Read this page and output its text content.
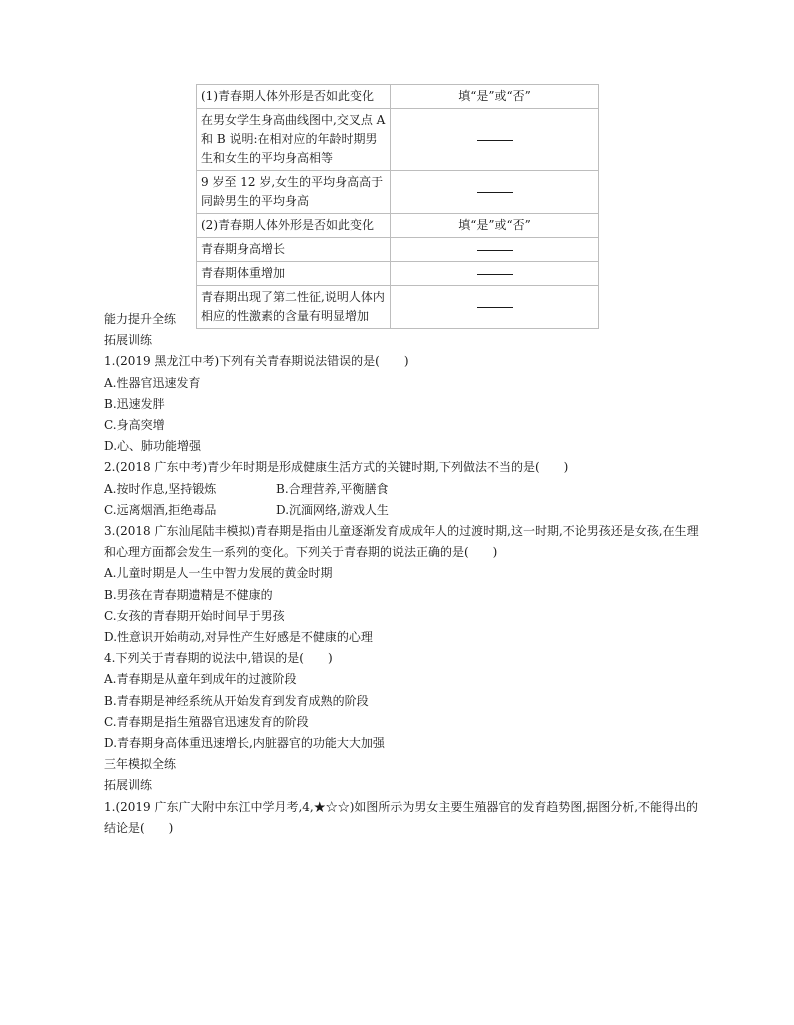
(1)青春期人体外形是否如此变化	填“是”或“否”
在男女学生身高曲线图中,交叉点 A 和 B 说明:在相对应的年龄时期男生和女生的平均身高相等	
9 岁至 12 岁,女生的平均身高高于同龄男生的平均身高	
(2)青春期人体外形是否如此变化	填“是”或“否”
青春期身高增长	
青春期体重增加	
青春期出现了第二性征,说明人体内相应的性激素的含量有明显增加	
能力提升全练
拓展训练
1.(2019 黑龙江中考)下列有关青春期说法错误的是(　　)
A.性器官迅速发育
B.迅速发胖
C.身高突增
D.心、肺功能增强
2.(2018 广东中考)青少年时期是形成健康生活方式的关键时期,下列做法不当的是(　　)
A.按时作息,坚持锻炼	B.合理营养,平衡膳食
C.远离烟酒,拒绝毒品	D.沉湎网络,游戏人生
3.(2018 广东汕尾陆丰模拟)青春期是指由儿童逐渐发育成成年人的过渡时期,这一时期,不论男孩还是女孩,在生理和心理方面都会发生一系列的变化。下列关于青春期的说法正确的是(　　)
A.儿童时期是人一生中智力发展的黄金时期
B.男孩在青春期遗精是不健康的
C.女孩的青春期开始时间早于男孩
D.性意识开始萌动,对异性产生好感是不健康的心理
4.下列关于青春期的说法中,错误的是(　　)
A.青春期是从童年到成年的过渡阶段
B.青春期是神经系统从开始发育到发育成熟的阶段
C.青春期是指生殖器官迅速发育的阶段
D.青春期身高体重迅速增长,内脏器官的功能大大加强
三年模拟全练
拓展训练
1.(2019 广东广大附中东江中学月考,4,★☆☆)如图所示为男女主要生殖器官的发育趋势图,据图分析,不能得出的结论是(　　)
